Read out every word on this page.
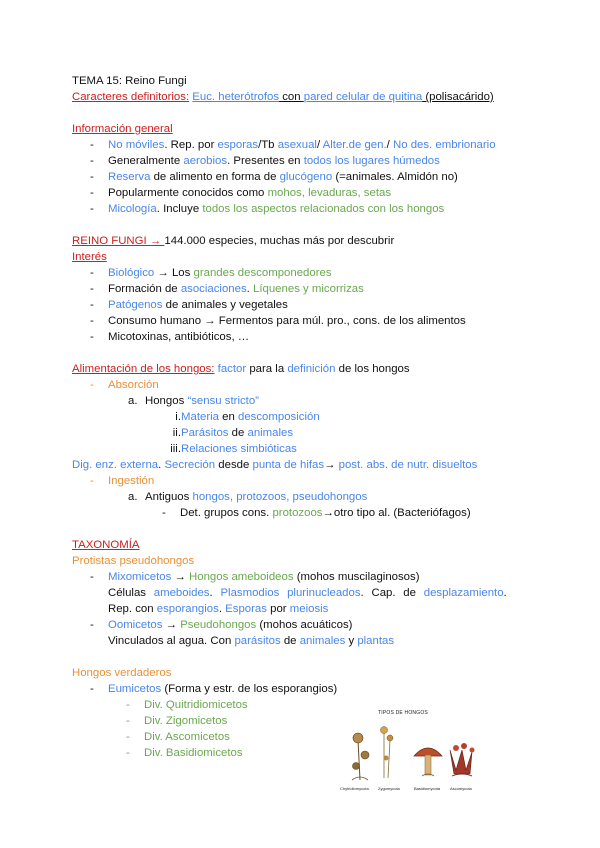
TEMA 15: Reino Fungi
Caracteres definitorios: Euc. heterótrofos con pared celular de quitina (polisacárido)
Información general
- No móviles. Rep. por esporas/Tb asexual/ Alter.de gen./ No des. embrionario
- Generalmente aerobios. Presentes en todos los lugares húmedos
- Reserva de alimento en forma de glucógeno (=animales. Almidón no)
- Popularmente conocidos como mohos, levaduras, setas
- Micología. Incluye todos los aspectos relacionados con los hongos
REINO FUNGI → 144.000 especies, muchas más por descubrir
Interés
- Biológico → Los grandes descomponedores
- Formación de asociaciones. Líquenes y micorrizas
- Patógenos de animales y vegetales
- Consumo humano → Fermentos para múl. pro., cons. de los alimentos
- Micotoxinas, antibióticos, …
Alimentación de los hongos: factor para la definición de los hongos
- Absorción
a. Hongos “sensu stricto”
i. Materia en descomposición
ii. Parásitos de animales
iii. Relaciones simbióticas
Dig. enz. externa. Secreción desde punta de hifas→ post. abs. de nutr. disueltos
- Ingestión
a. Antiguos hongos, protozoos, pseudohongos
- Det. grupos cons. protozoos→otro tipo al. (Bacteriófagos)
TAXONOMÍA
Protistas pseudohongos
- Mixomicetos → Hongos ameboideos (mohos muscilaginosos)
Células ameboides. Plasmodios plurinucleados. Cap. de desplazamiento.
Rep. con esporangios. Esporas por meiosis
- Oomicetos → Pseudohongos (mohos acuáticos)
Vinculados al agua. Con parásitos de animales y plantas
Hongos verdaderos
- Eumicetos (Forma y estr. de los esporangios)
- Div. Quitridiomicetos
- Div. Zigomicetos
- Div. Ascomicetos
- Div. Basidiomicetos
TIPOS DE HONGOS
Chytridiomycota Zygomycota	Basidiomycota Ascomycota
